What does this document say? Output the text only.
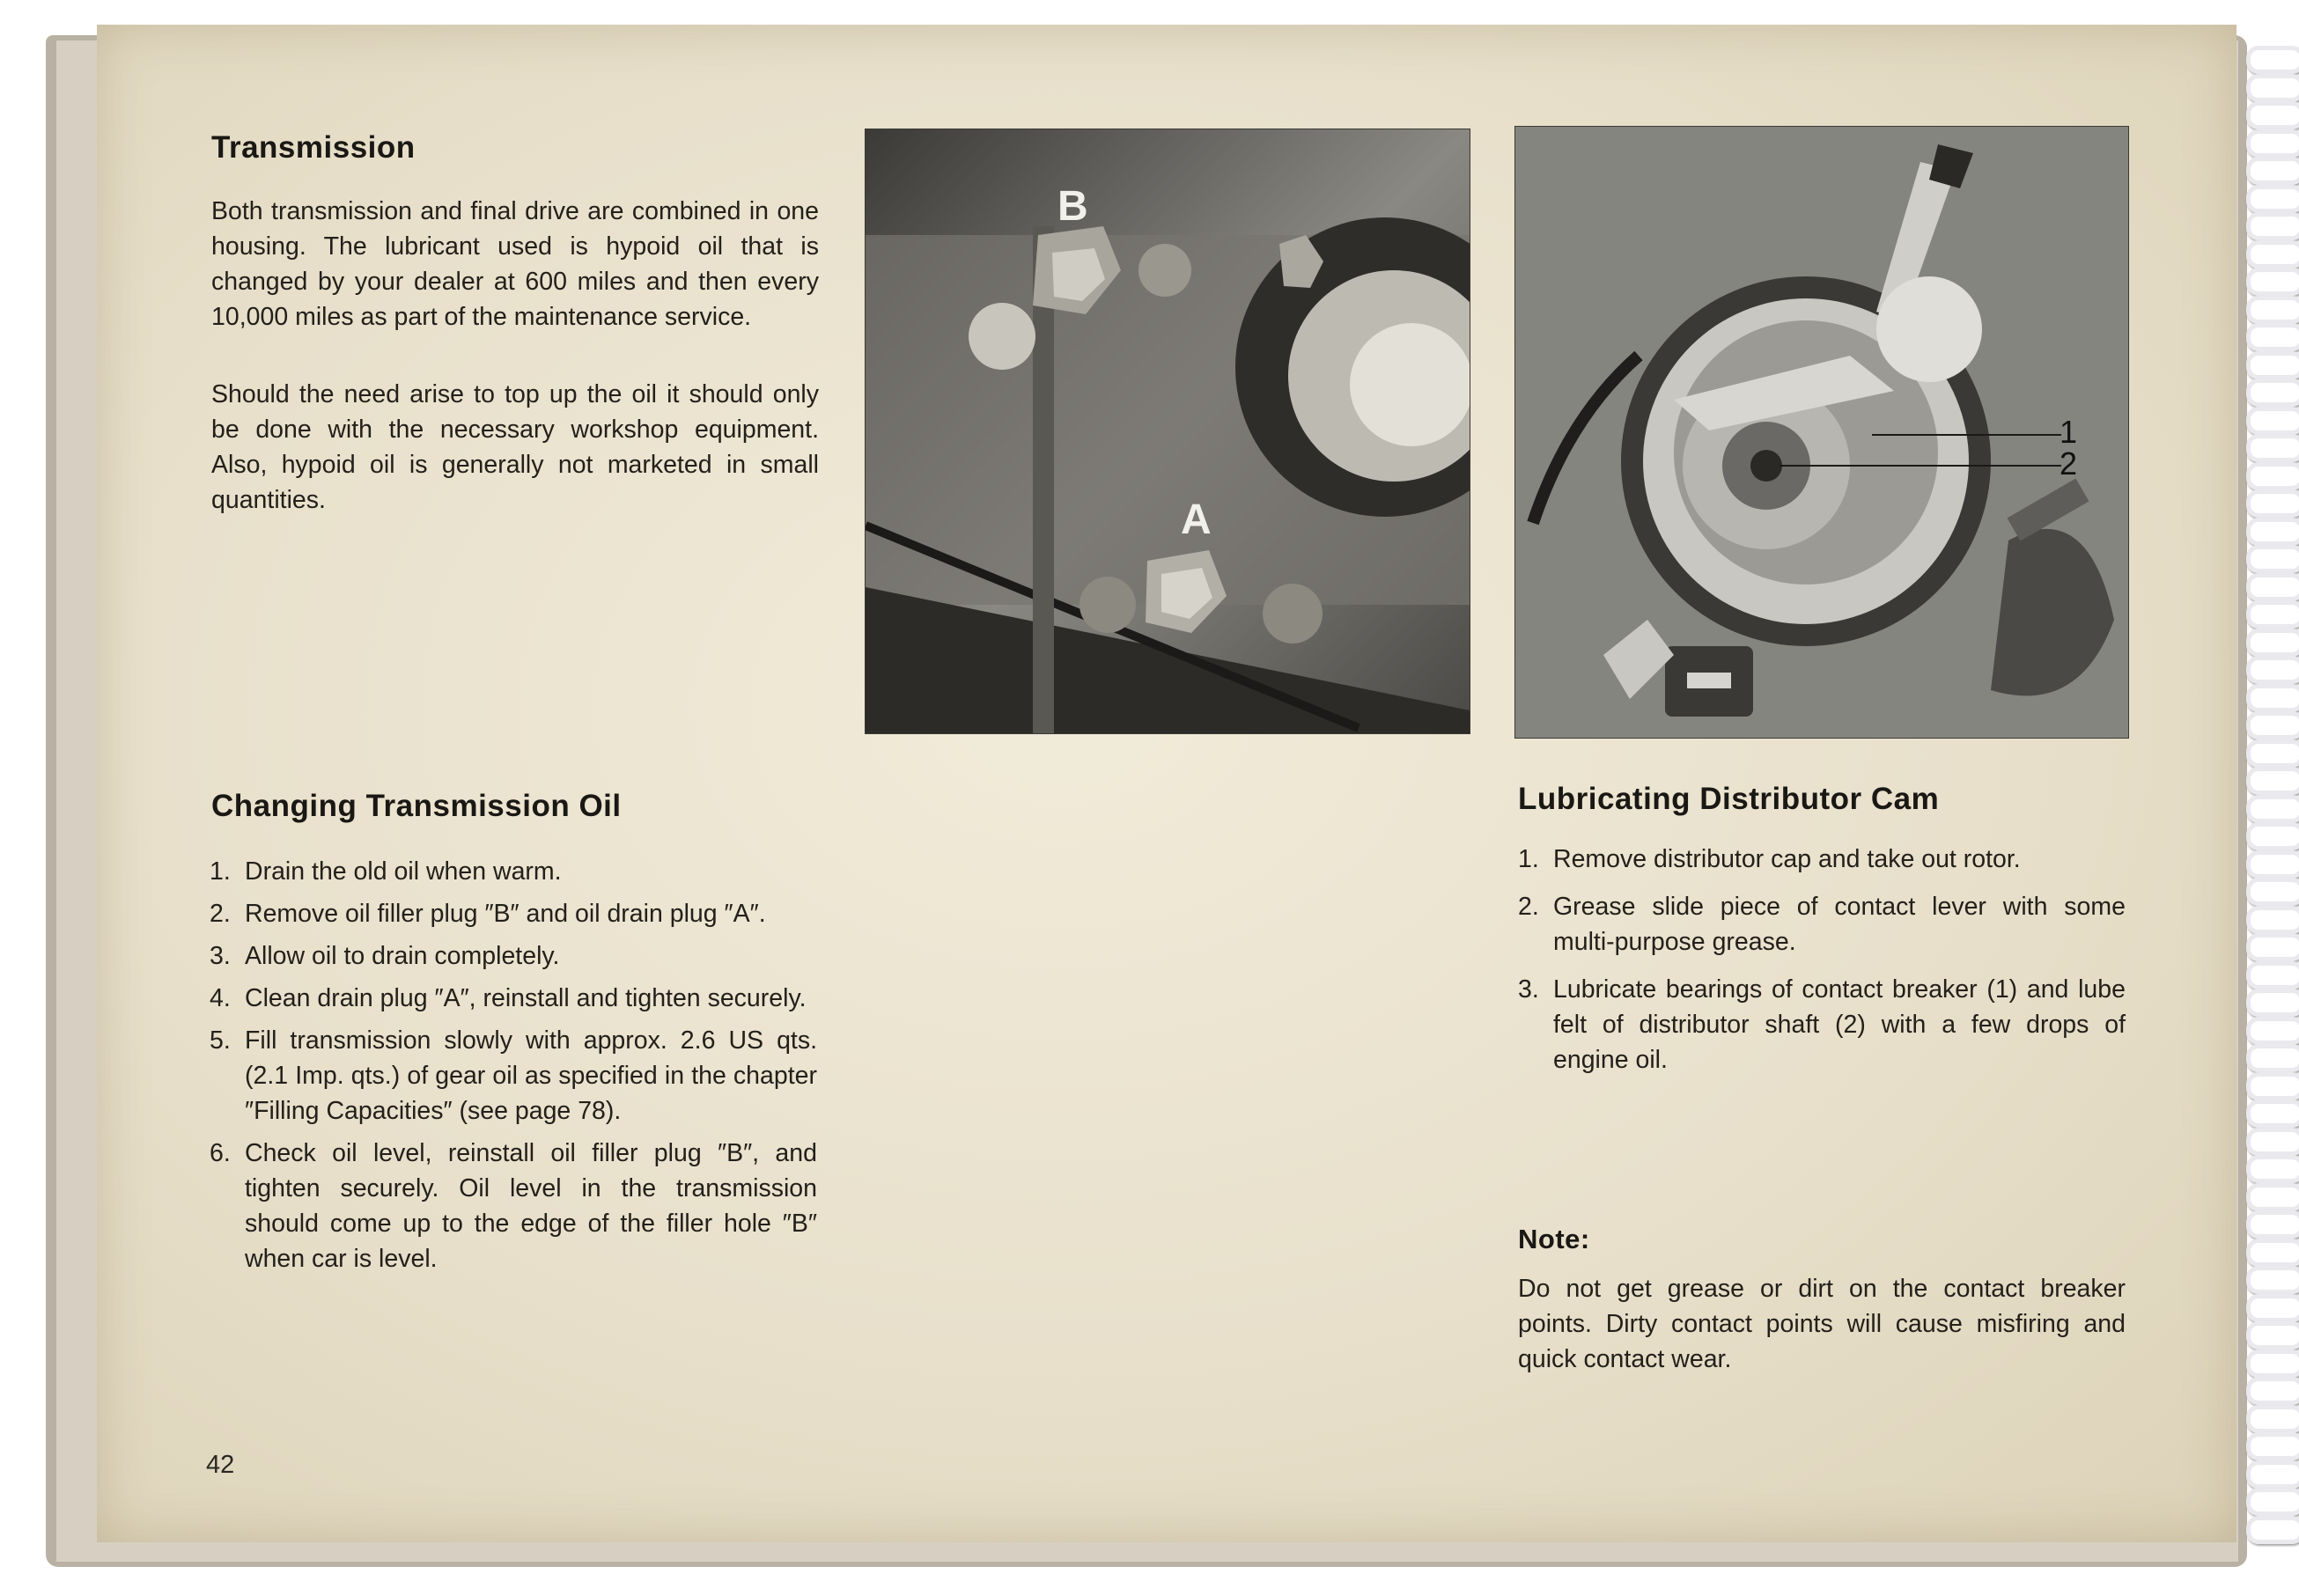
Transmission
Both transmission and final drive are combined in one housing. The lubricant used is hypoid oil that is changed by your dealer at 600 miles and then every 10,000 miles as part of the maintenance service.
Should the need arise to top up the oil it should only be done with the necessary workshop equipment. Also, hypoid oil is generally not marketed in small quantities.
B
A
1
2
Changing Transmission Oil
1. Drain the old oil when warm.
2. Remove oil filler plug ″B″ and oil drain plug ″A″.
3. Allow oil to drain completely.
4. Clean drain plug ″A″, reinstall and tighten securely.
5. Fill transmission slowly with approx. 2.6 US qts. (2.1 Imp. qts.) of gear oil as specified in the chapter ″Filling Capacities″ (see page 78).
6. Check oil level, reinstall oil filler plug ″B″, and tighten securely. Oil level in the transmission should come up to the edge of the filler hole ″B″ when car is level.
Lubricating Distributor Cam
1. Remove distributor cap and take out rotor.
2. Grease slide piece of contact lever with some multi-purpose grease.
3. Lubricate bearings of contact breaker (1) and lube felt of distributor shaft (2) with a few drops of engine oil.
Note:
Do not get grease or dirt on the contact breaker points. Dirty contact points will cause misfiring and quick contact wear.
42
